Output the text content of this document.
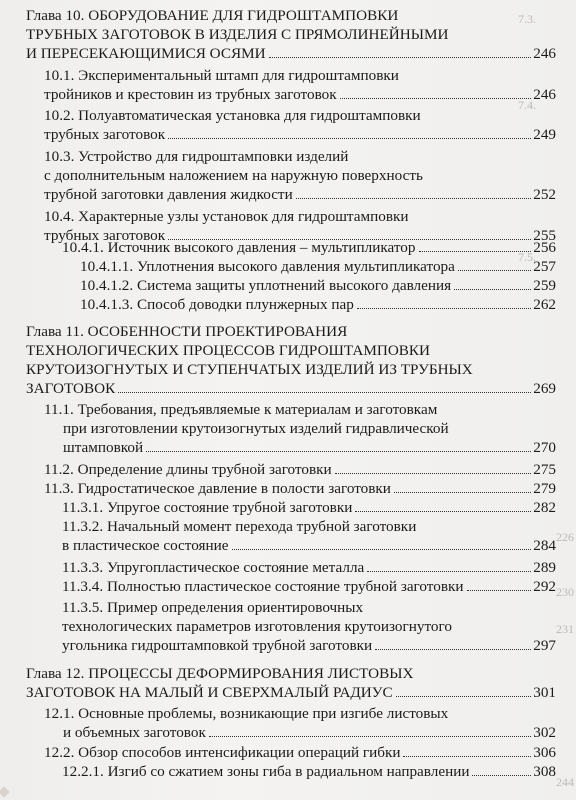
Глава 10. ОБОРУДОВАНИЕ ДЛЯ ГИДРОШТАМПОВКИ
ТРУБНЫХ ЗАГОТОВОК В ИЗДЕЛИЯ С ПРЯМОЛИНЕЙНЫМИ
И ПЕРЕСЕКАЮЩИМИСЯ ОСЯМИ	246
10.1. Экспериментальный штамп для гидроштамповки
тройников и крестовин из трубных заготовок	246
10.2. Полуавтоматическая установка для гидроштамповки
трубных заготовок	249
10.3. Устройство для гидроштамповки изделий
с дополнительным наложением на наружную поверхность
трубной заготовки давления жидкости	252
10.4. Характерные узлы установок для гидроштамповки
трубных заготовок	255
10.4.1. Источник высокого давления – мультипликатор	256
10.4.1.1. Уплотнения высокого давления мультипликатора	257
10.4.1.2. Система защиты уплотнений высокого давления	259
10.4.1.3. Способ доводки плунжерных пар	262
Глава 11. ОСОБЕННОСТИ ПРОЕКТИРОВАНИЯ
ТЕХНОЛОГИЧЕСКИХ ПРОЦЕССОВ ГИДРОШТАМПОВКИ
КРУТОИЗОГНУТЫХ И СТУПЕНЧАТЫХ ИЗДЕЛИЙ ИЗ ТРУБНЫХ
ЗАГОТОВОК	269
11.1. Требования, предъявляемые к материалам и заготовкам
при изготовлении крутоизогнутых изделий гидравлической
штамповкой	270
11.2. Определение длины трубной заготовки	275
11.3. Гидростатическое давление в полости заготовки	279
11.3.1. Упругое состояние трубной заготовки	282
11.3.2. Начальный момент перехода трубной заготовки
в пластическое состояние	284
11.3.3. Упругопластическое состояние металла	289
11.3.4. Полностью пластическое состояние трубной заготовки	292
11.3.5. Пример определения ориентировочных
технологических параметров изготовления крутоизогнутого
угольника гидроштамповкой трубной заготовки	297
Глава 12. ПРОЦЕССЫ ДЕФОРМИРОВАНИЯ ЛИСТОВЫХ
ЗАГОТОВОК НА МАЛЫЙ И СВЕРХМАЛЫЙ РАДИУС	301
12.1. Основные проблемы, возникающие при изгибе листовых
и объемных заготовок	302
12.2. Обзор способов интенсификации операций гибки	306
12.2.1. Изгиб со сжатием зоны гиба в радиальном направлении	308
7.3.
7.4.
7.5.
226
230
231
244
